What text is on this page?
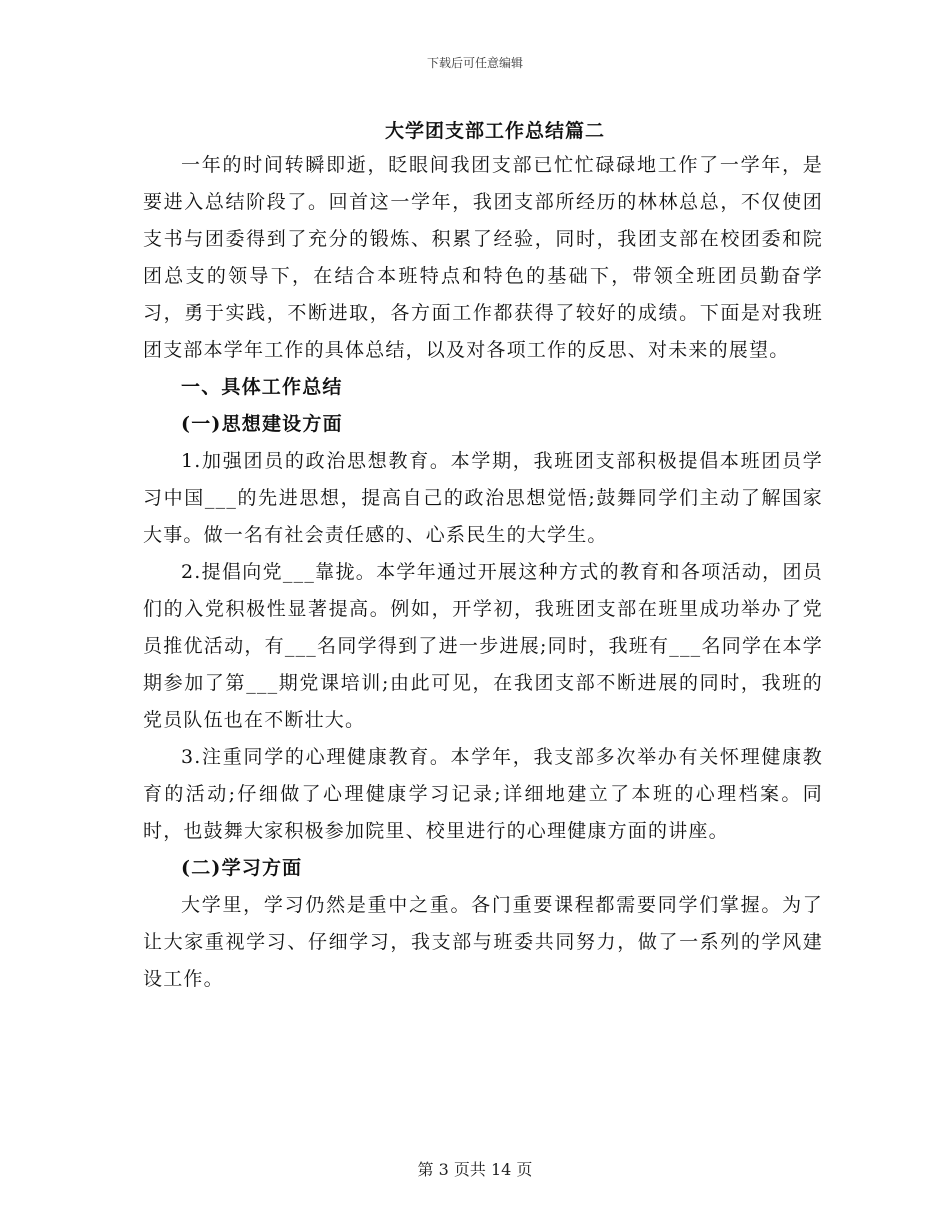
下载后可任意编辑
大学团支部工作总结篇二

一年的时间转瞬即逝，眨眼间我团支部已忙忙碌碌地工作了一学年，是要进入总结阶段了。回首这一学年，我团支部所经历的林林总总，不仅使团支书与团委得到了充分的锻炼、积累了经验，同时，我团支部在校团委和院团总支的领导下，在结合本班特点和特色的基础下，带领全班团员勤奋学习，勇于实践，不断进取，各方面工作都获得了较好的成绩。下面是对我班团支部本学年工作的具体总结，以及对各项工作的反思、对未来的展望。

一、具体工作总结

(一)思想建设方面

1.加强团员的政治思想教育。本学期，我班团支部积极提倡本班团员学习中国___的先进思想，提高自己的政治思想觉悟;鼓舞同学们主动了解国家大事。做一名有社会责任感的、心系民生的大学生。

2.提倡向党___靠拢。本学年通过开展这种方式的教育和各项活动，团员们的入党积极性显著提高。例如，开学初，我班团支部在班里成功举办了党员推优活动，有___名同学得到了进一步进展;同时，我班有___名同学在本学期参加了第___期党课培训;由此可见，在我团支部不断进展的同时，我班的党员队伍也在不断壮大。

3.注重同学的心理健康教育。本学年，我支部多次举办有关怀理健康教育的活动;仔细做了心理健康学习记录;详细地建立了本班的心理档案。同时，也鼓舞大家积极参加院里、校里进行的心理健康方面的讲座。

(二)学习方面

大学里，学习仍然是重中之重。各门重要课程都需要同学们掌握。为了让大家重视学习、仔细学习，我支部与班委共同努力，做了一系列的学风建设工作。

第 3 页共 14 页
